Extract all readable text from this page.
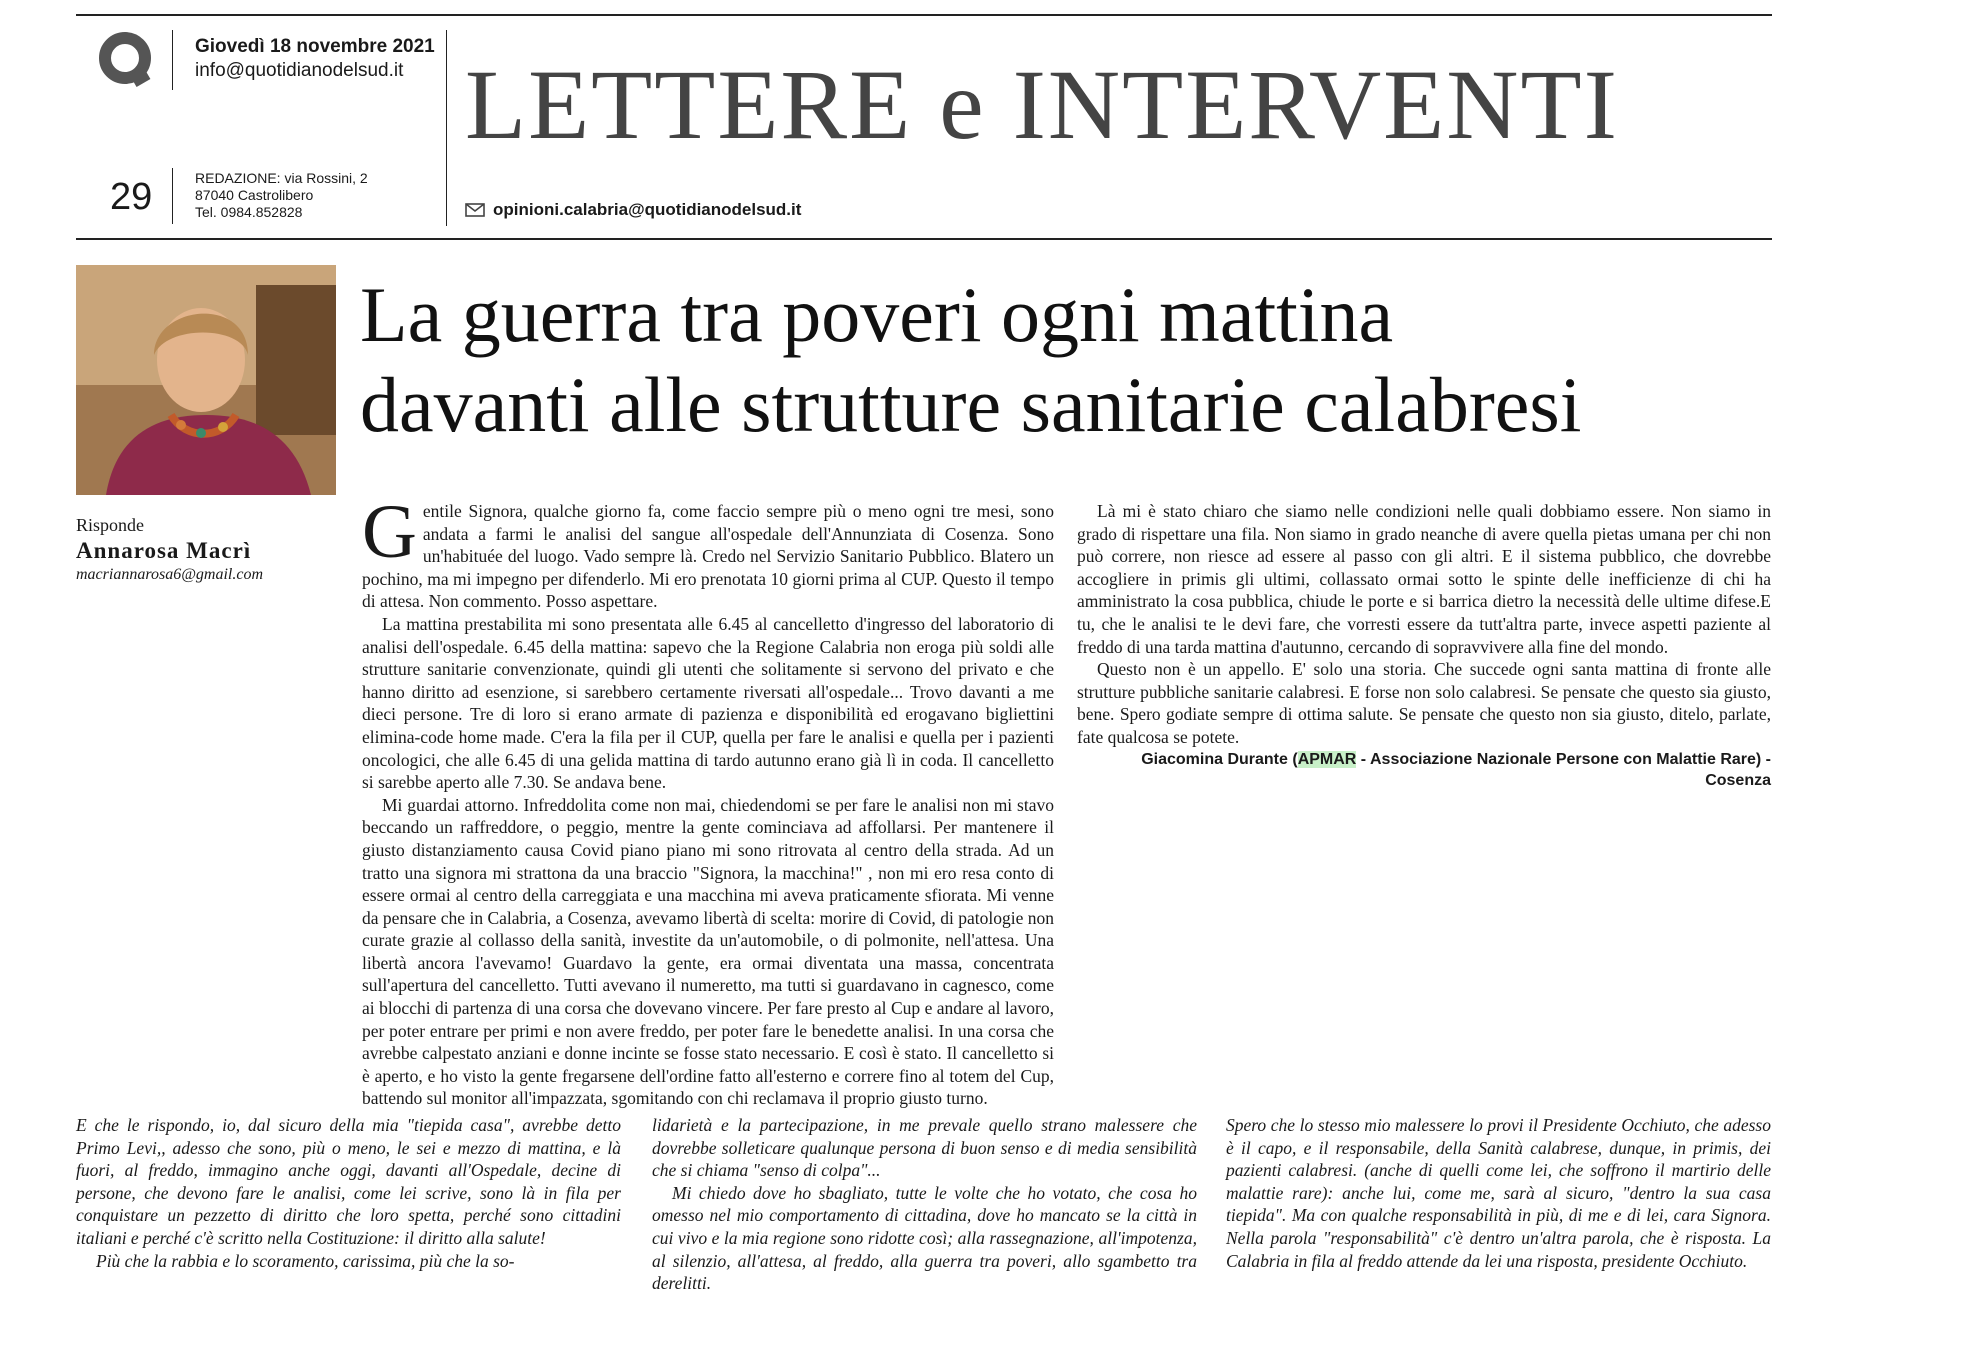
Giovedì 18 novembre 2021
info@quotidianodelsud.it
29	REDAZIONE: via Rossini, 2
87040 Castrolibero
Tel. 0984.852828
LETTERE e INTERVENTI
opinioni.calabria@quotidianodelsud.it
Risponde
Annarosa Macrì
macriannarosa6@gmail.com
La guerra tra poveri ogni mattina
davanti alle strutture sanitarie calabresi

Gentile Signora, qualche giorno fa, come faccio sempre più o meno ogni tre mesi, sono andata a farmi le analisi del sangue all'ospedale dell'Annunziata di Cosenza. Sono un'habituée del luogo. Vado sempre là. Credo nel Servizio Sanitario Pubblico. Blatero un pochino, ma mi impegno per difenderlo. Mi ero prenotata 10 giorni prima al CUP. Questo il tempo di attesa. Non commento. Posso aspettare.

La mattina prestabilita mi sono presentata alle 6.45 al cancelletto d'ingresso del laboratorio di analisi dell'ospedale. 6.45 della mattina: sapevo che la Regione Calabria non eroga più soldi alle strutture sanitarie convenzionate, quindi gli utenti che solitamente si servono del privato e che hanno diritto ad esenzione, si sarebbero certamente riversati all'ospedale... Trovo davanti a me dieci persone. Tre di loro si erano armate di pazienza e disponibilità ed erogavano bigliettini elimina-code home made. C'era la fila per il CUP, quella per fare le analisi e quella per i pazienti oncologici, che alle 6.45 di una gelida mattina di tardo autunno erano già lì in coda. Il cancelletto si sarebbe aperto alle 7.30. Se andava bene.

Mi guardai attorno. Infreddolita come non mai, chiedendomi se per fare le analisi non mi stavo beccando un raffreddore, o peggio, mentre la gente cominciava ad affollarsi. Per mantenere il giusto distanziamento causa Covid piano piano mi sono ritrovata al centro della strada. Ad un tratto una signora mi strattona da una braccio "Signora, la macchina!" , non mi ero resa conto di essere ormai al centro della carreggiata e una macchina mi aveva praticamente sfiorata. Mi venne da pensare che in Calabria, a Cosenza, avevamo libertà di scelta: morire di Covid, di patologie non curate grazie al collasso della sanità, investite da un'automobile, o di polmonite, nell'attesa. Una libertà ancora l'avevamo! Guardavo la gente, era ormai diventata una massa, concentrata sull'apertura del cancelletto. Tutti avevano il numeretto, ma tutti si guardavano in cagnesco, come ai blocchi di partenza di una corsa che dovevano vincere. Per fare presto al Cup e andare al lavoro, per poter entrare per primi e non avere freddo, per poter fare le benedette analisi. In una corsa che avrebbe calpestato anziani e donne incinte se fosse stato necessario. E così è stato. Il cancelletto si è aperto, e ho visto la gente fregarsene dell'ordine fatto all'esterno e correre fino al totem del Cup, battendo sul monitor all'impazzata, sgomitando con chi reclamava il proprio giusto turno.

Là mi è stato chiaro che siamo nelle condizioni nelle quali dobbiamo essere. Non siamo in grado di rispettare una fila. Non siamo in grado neanche di avere quella pietas umana per chi non può correre, non riesce ad essere al passo con gli altri. E il sistema pubblico, che dovrebbe accogliere in primis gli ultimi, collassato ormai sotto le spinte delle inefficienze di chi ha amministrato la cosa pubblica, chiude le porte e si barrica dietro la necessità delle ultime difese.E tu, che le analisi te le devi fare, che vorresti essere da tutt'altra parte, invece aspetti paziente al freddo di una tarda mattina d'autunno, cercando di sopravvivere alla fine del mondo.

Questo non è un appello. E' solo una storia. Che succede ogni santa mattina di fronte alle strutture pubbliche sanitarie calabresi. E forse non solo calabresi. Se pensate che questo sia giusto, bene. Spero godiate sempre di ottima salute. Se pensate che questo non sia giusto, ditelo, parlate, fate qualcosa se potete.

Giacomina Durante (APMAR - Associazione Nazionale Persone con Malattie Rare) - Cosenza

E che le rispondo, io, dal sicuro della mia "tiepida casa", avrebbe detto Primo Levi,, adesso che sono, più o meno, le sei e mezzo di mattina, e là fuori, al freddo, immagino anche oggi, davanti all'Ospedale, decine di persone, che devono fare le analisi, come lei scrive, sono là in fila per conquistare un pezzetto di diritto che loro spetta, perché sono cittadini italiani e perché c'è scritto nella Costituzione: il diritto alla salute!

Più che la rabbia e lo scoramento, carissima, più che la so-

lidarietà e la partecipazione, in me prevale quello strano malessere che dovrebbe solleticare qualunque persona di buon senso e di media sensibilità che si chiama "senso di colpa"...

Mi chiedo dove ho sbagliato, tutte le volte che ho votato, che cosa ho omesso nel mio comportamento di cittadina, dove ho mancato se la città in cui vivo e la mia regione sono ridotte così; alla rassegnazione, all'impotenza, al silenzio, all'attesa, al freddo, alla guerra tra poveri, allo sgambetto tra derelitti.

Spero che lo stesso mio malessere lo provi il Presidente Occhiuto, che adesso è il capo, e il responsabile, della Sanità calabrese, dunque, in primis, dei pazienti calabresi. (anche di quelli come lei, che soffrono il martirio delle malattie rare): anche lui, come me, sarà al sicuro, "dentro la sua casa tiepida". Ma con qualche responsabilità in più, di me e di lei, cara Signora. Nella parola "responsabilità" c'è dentro un'altra parola, che è risposta. La Calabria in fila al freddo attende da lei una risposta, presidente Occhiuto.
